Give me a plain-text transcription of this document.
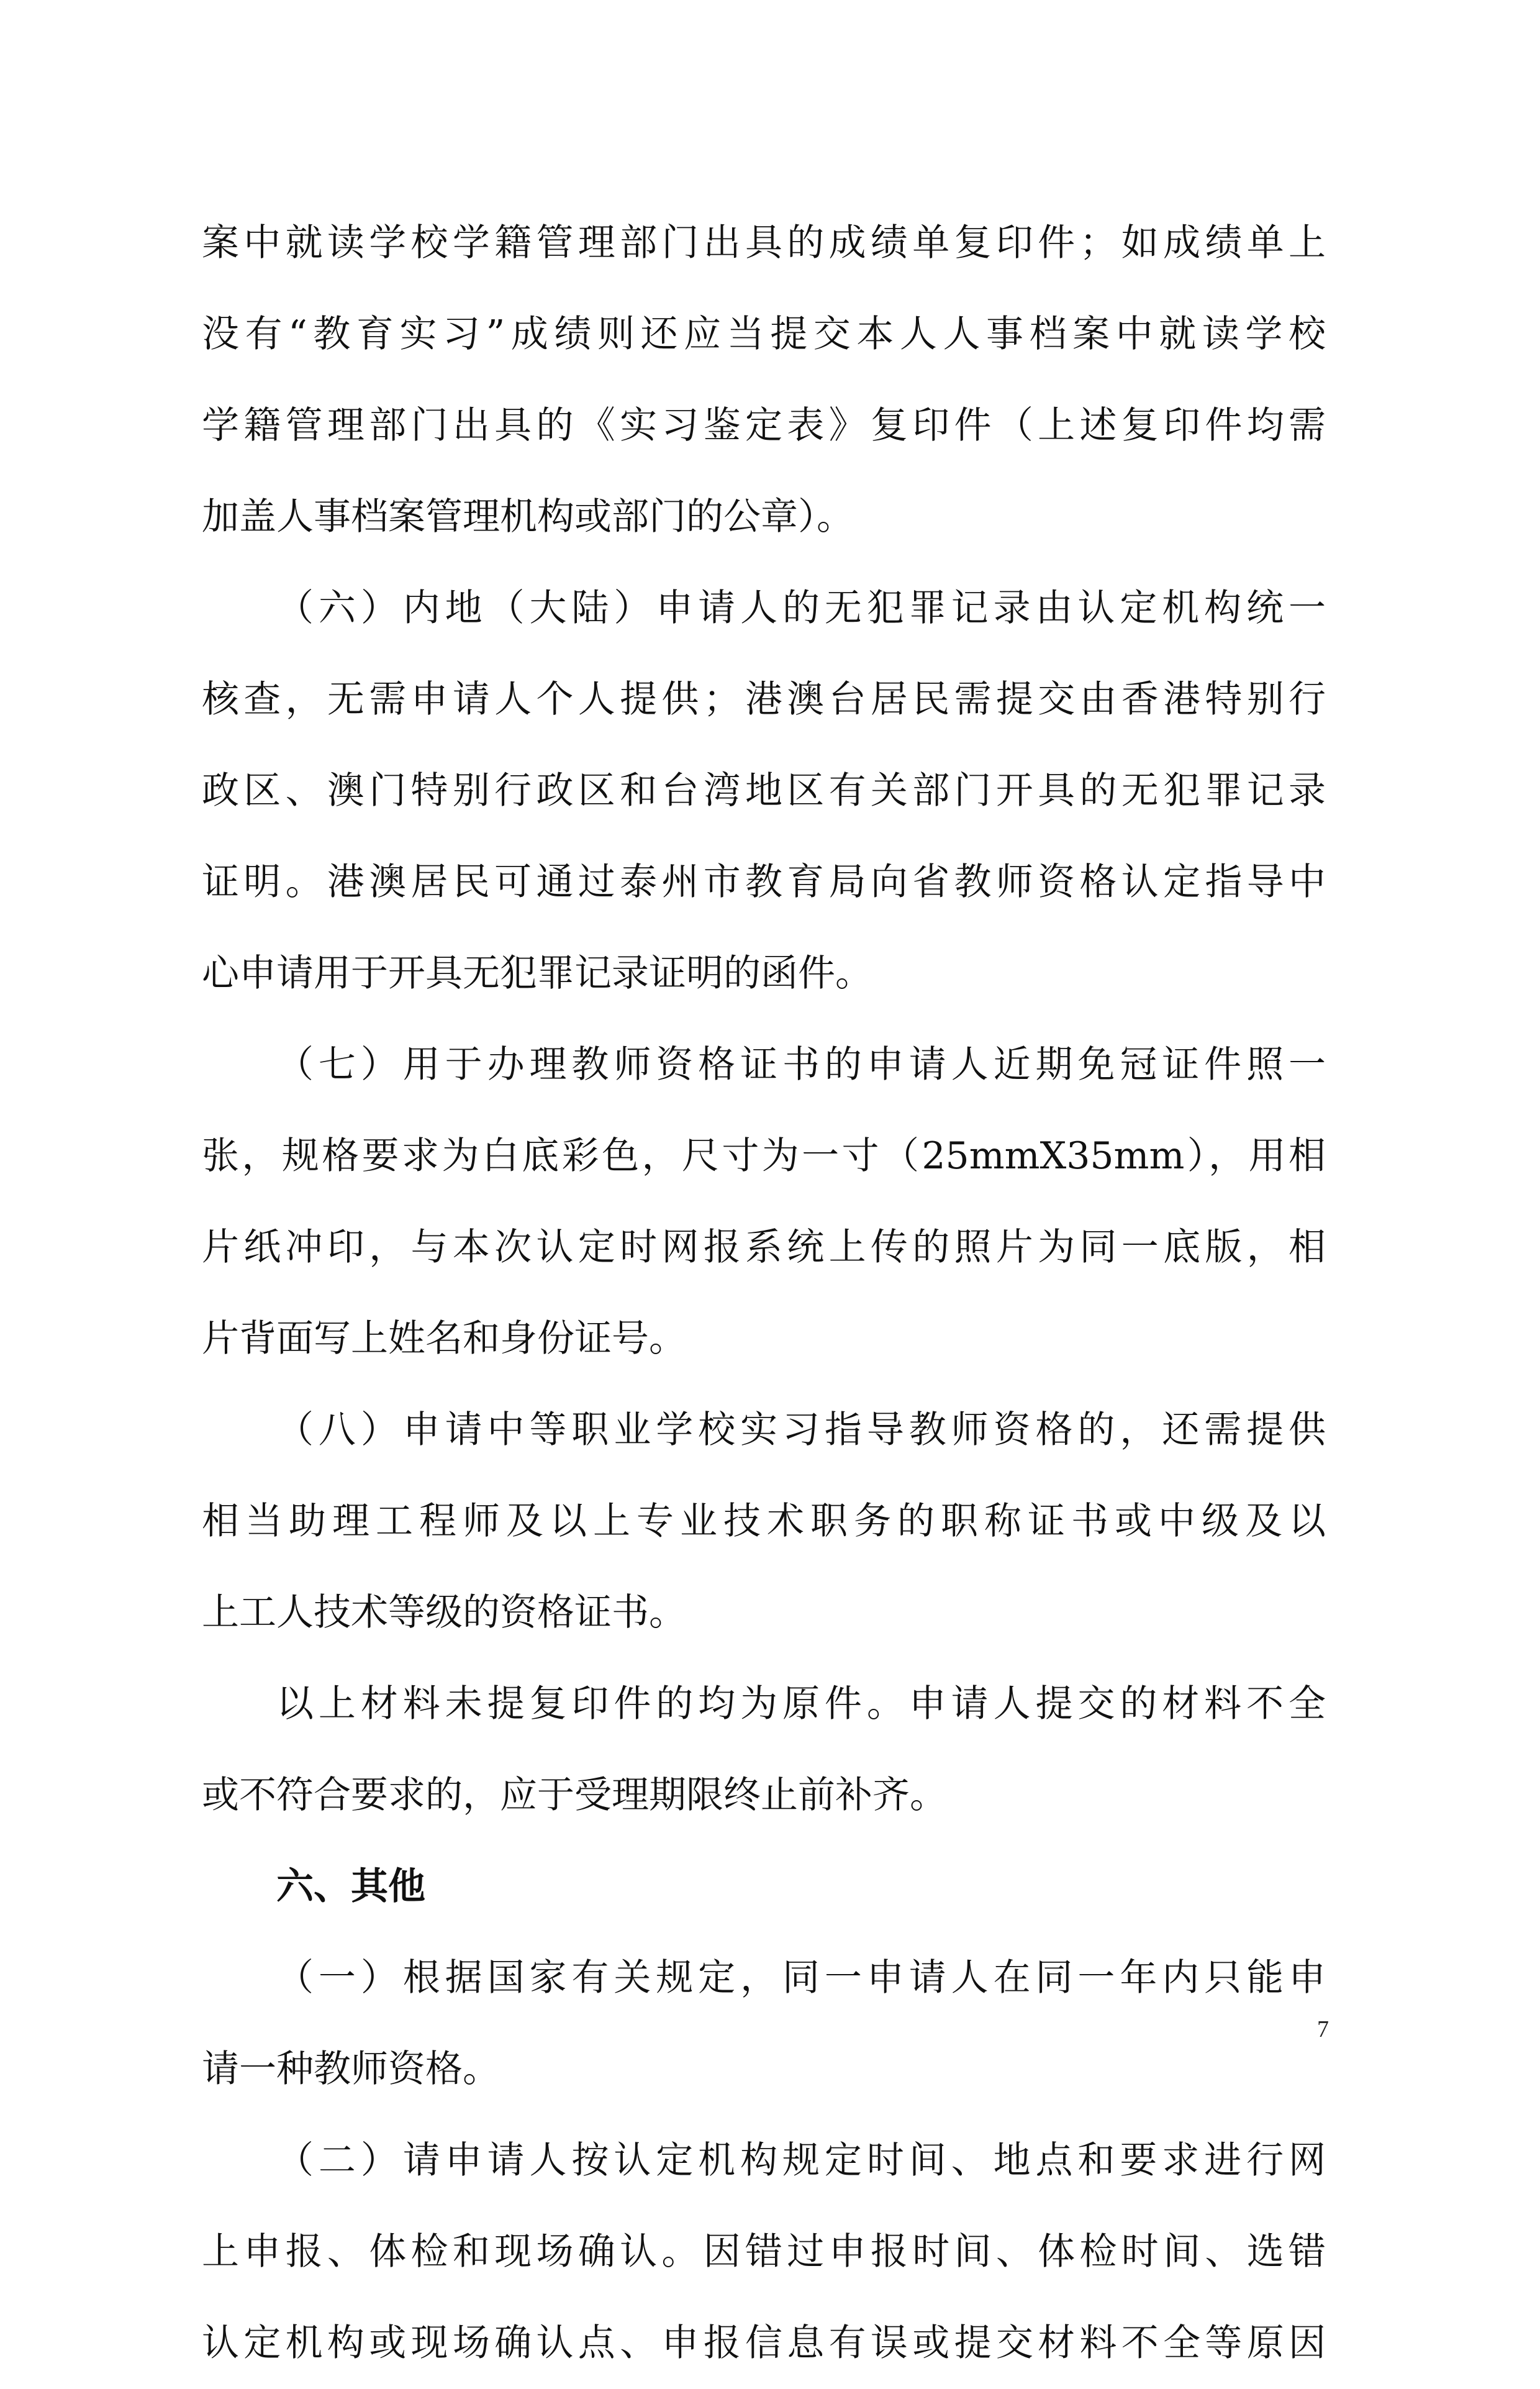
案中就读学校学籍管理部门出具的成绩单复印件；如成绩单上
没有“教育实习”成绩则还应当提交本人人事档案中就读学校
学籍管理部门出具的《实习鉴定表》复印件（上述复印件均需
加盖人事档案管理机构或部门的公章）。
（六）内地（大陆）申请人的无犯罪记录由认定机构统一
核查，无需申请人个人提供；港澳台居民需提交由香港特别行
政区、澳门特别行政区和台湾地区有关部门开具的无犯罪记录
证明。港澳居民可通过泰州市教育局向省教师资格认定指导中
心申请用于开具无犯罪记录证明的函件。
（七）用于办理教师资格证书的申请人近期免冠证件照一
张，规格要求为白底彩色，尺寸为一寸（25mmX35mm），用相
片纸冲印，与本次认定时网报系统上传的照片为同一底版，相
片背面写上姓名和身份证号。
（八）申请中等职业学校实习指导教师资格的，还需提供
相当助理工程师及以上专业技术职务的职称证书或中级及以
上工人技术等级的资格证书。
以上材料未提复印件的均为原件。申请人提交的材料不全
或不符合要求的，应于受理期限终止前补齐。
六、其他
（一）根据国家有关规定，同一申请人在同一年内只能申
请一种教师资格。
（二）请申请人按认定机构规定时间、地点和要求进行网
上申报、体检和现场确认。因错过申报时间、体检时间、选错
认定机构或现场确认点、申报信息有误或提交材料不全等原因
7
